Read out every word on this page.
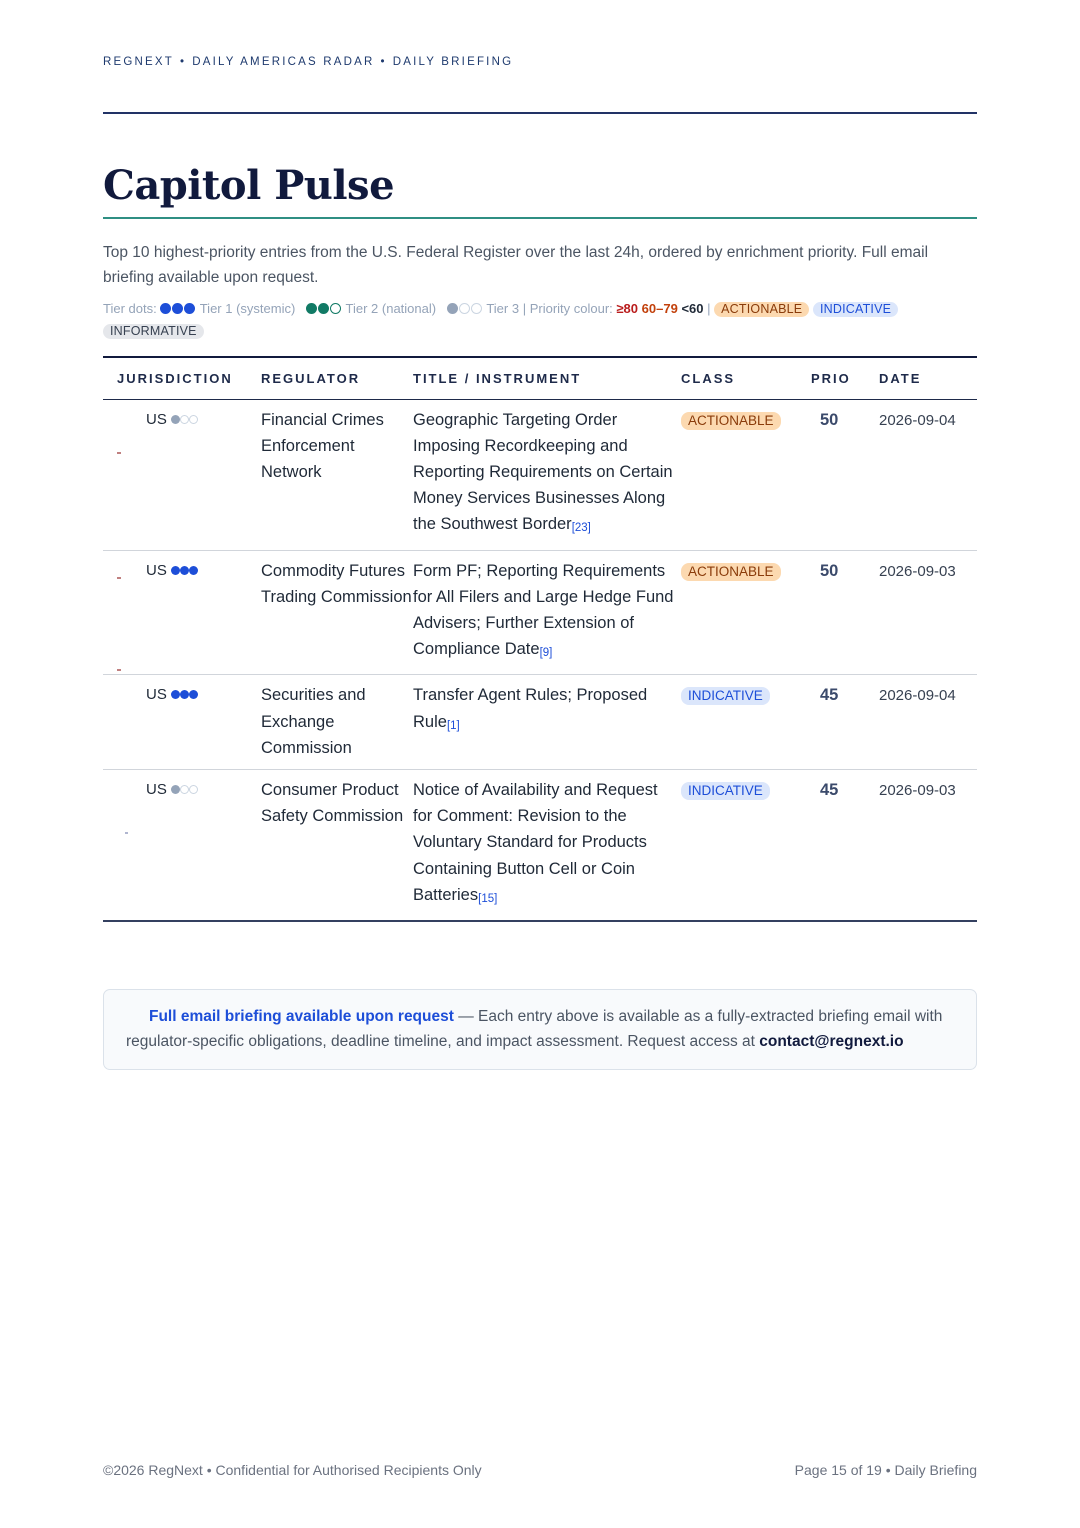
REGNEXT • DAILY AMERICAS RADAR • DAILY BRIEFING
Capitol Pulse

Top 10 highest-priority entries from the U.S. Federal Register over the last 24h, ordered by enrichment priority. Full email briefing available upon request.

Tier dots:	Tier 1 (systemic)	Tier 2 (national)	Tier 3 | Priority colour: ≥80 60–79 <60 | ACTIONABLE INDICATIVE
INFORMATIVE
JURISDICTION	REGULATOR	TITLE / INSTRUMENT	CLASS	PRIO	DATE

US	Financial Crimes Enforcement Network	Geographic Targeting Order Imposing Recordkeeping and Reporting Requirements on Certain Money Services Businesses Along the Southwest Border[23]	ACTIONABLE	50	2026-09-04

US	Commodity Futures Trading Commission	Form PF; Reporting Requirements for All Filers and Large Hedge Fund Advisers; Further Extension of Compliance Date[9]	ACTIONABLE	50	2026-09-03

US	Securities and Exchange Commission	Transfer Agent Rules; Proposed Rule[1]	INDICATIVE	45	2026-09-04

US	Consumer Product Safety Commission	Notice of Availability and Request for Comment: Revision to the Voluntary Standard for Products Containing Button Cell or Coin Batteries[15]	INDICATIVE	45	2026-09-03
Full email briefing available upon request — Each entry above is available as a fully-extracted briefing email with regulator-specific obligations, deadline timeline, and impact assessment. Request access at contact@regnext.io
©2026 RegNext • Confidential for Authorised Recipients Only	Page 15 of 19 • Daily Briefing
